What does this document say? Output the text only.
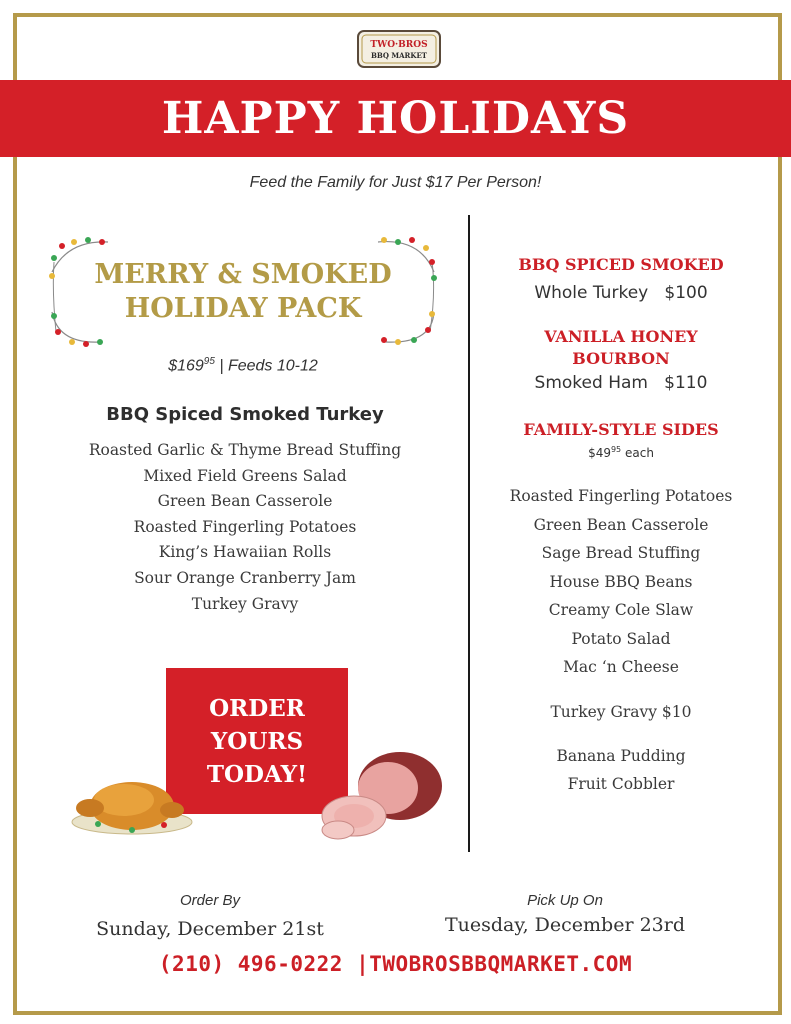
TWO·BROS
BBQ MARKET
HAPPY HOLIDAYS
Feed the Family for Just $17 Per Person!
MERRY & SMOKED
HOLIDAY PACK
$\$169^{95}$ | Feeds 10-12
BBQ Spiced Smoked Turkey
Roasted Garlic & Thyme Bread Stuffing
Mixed Field Greens Salad
Green Bean Casserole
Roasted Fingerling Potatoes
King’s Hawaiian Rolls
Sour Orange Cranberry Jam
Turkey Gravy
ORDER
YOURS
TODAY!
BBQ SPICED SMOKED
Whole Turkey   $100
VANILLA HONEY
BOURBON
Smoked Ham   $110
FAMILY-STYLE SIDES
$\$49^{95}$ each
Roasted Fingerling Potatoes
Green Bean Casserole
Sage Bread Stuffing
House BBQ Beans
Creamy Cole Slaw
Potato Salad
Mac ‘n Cheese
Turkey Gravy $10
Banana Pudding
Fruit Cobbler
Order By
Sunday, December 21st
Pick Up On
Tuesday, December 23rd
(210) 496-0222 |TWOBROSBBQMARKET.COM
